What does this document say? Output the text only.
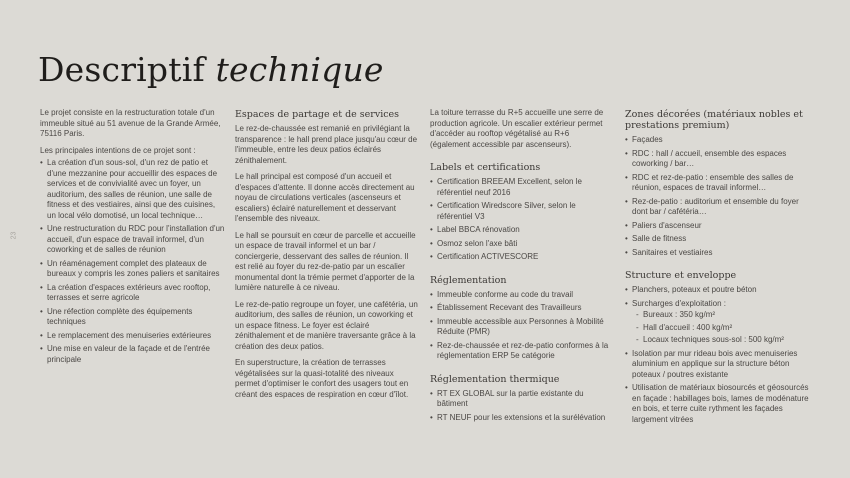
Descriptif technique
23

Le projet consiste en la restructuration totale d'un immeuble situé au 51 avenue de la Grande Armée, 75116 Paris.

Les principales intentions de ce projet sont :

• La création d'un sous-sol, d'un rez de patio et d'une mezzanine pour accueillir des espaces de services et de convivialité avec un foyer, un auditorium, des salles de réunion, une salle de fitness et des vestiaires, ainsi que des cuisines, un local vélo domotisé, un local technique…
• Une restructuration du RDC pour l'installation d'un accueil, d'un espace de travail informel, d'un coworking et de salles de réunion
• Un réaménagement complet des plateaux de bureaux y compris les zones paliers et sanitaires
• La création d'espaces extérieurs avec rooftop, terrasses et serre agricole
• Une réfection complète des équipements techniques
• Le remplacement des menuiseries extérieures
• Une mise en valeur de la façade et de l'entrée principale
Espaces de partage et de services

Le rez-de-chaussée est remanié en privilégiant la transparence : le hall prend place jusqu'au cœur de l'immeuble, entre les deux patios éclairés zénithalement.

Le hall principal est composé d'un accueil et d'espaces d'attente. Il donne accès directement au noyau de circulations verticales (ascenseurs et escaliers) éclairé naturellement et desservant l'ensemble des niveaux.

Le hall se poursuit en cœur de parcelle et accueille un espace de travail informel et un bar / conciergerie, desservant des salles de réunion. Il est relié au foyer du rez-de-patio par un escalier monumental dont la trémie permet d'apporter de la lumière naturelle à ce niveau.

Le rez-de-patio regroupe un foyer, une cafétéria, un auditorium, des salles de réunion, un coworking et un espace fitness. Le foyer est éclairé zénithalement et de manière traversante grâce à la création des deux patios.

En superstructure, la création de terrasses végétalisées sur la quasi-totalité des niveaux permet d'optimiser le confort des usagers tout en créant des espaces de respiration en cœur d'îlot.

La toiture terrasse du R+5 accueille une serre de production agricole. Un escalier extérieur permet d'accéder au rooftop végétalisé au R+6 (également accessible par ascenseurs).

Labels et certifications
• Certification BREEAM Excellent, selon le référentiel neuf 2016
• Certification Wiredscore Silver, selon le référentiel V3
• Label BBCA rénovation
• Osmoz selon l'axe bâti
• Certification ACTIVESCORE
Réglementation
• Immeuble conforme au code du travail
• Établissement Recevant des Travailleurs
• Immeuble accessible aux Personnes à Mobilité Réduite (PMR)
• Rez-de-chaussée et rez-de-patio conformes à la réglementation ERP 5e catégorie
Réglementation thermique
• RT EX GLOBAL sur la partie existante du bâtiment
• RT NEUF pour les extensions et la surélévation
Zones décorées (matériaux nobles et prestations premium)
• Façades
• RDC : hall / accueil, ensemble des espaces coworking / bar…
• RDC et rez-de-patio : ensemble des salles de réunion, espaces de travail informel…
• Rez-de-patio : auditorium et ensemble du foyer dont bar / cafétéria…
• Paliers d'ascenseur
• Salle de fitness
• Sanitaires et vestiaires
Structure et enveloppe
• Planchers, poteaux et poutre béton
• Surcharges d'exploitation :
- Bureaux : 350 kg/m²
- Hall d'accueil : 400 kg/m²
- Locaux techniques sous-sol : 500 kg/m²
• Isolation par mur rideau bois avec menuiseries aluminium en applique sur la structure béton poteaux / poutres existante
• Utilisation de matériaux biosourcés et géosourcés en façade : habillages bois, lames de modénature en bois, et terre cuite rythment les façades largement vitrées
